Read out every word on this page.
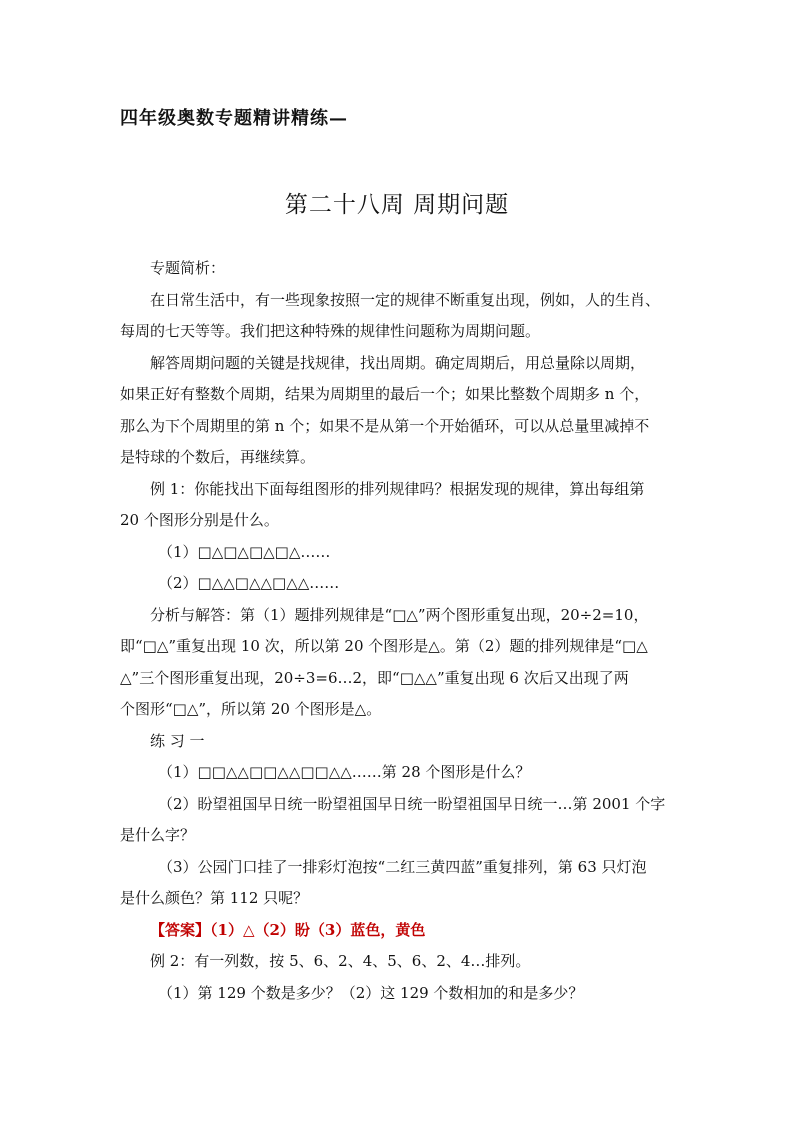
四年级奥数专题精讲精练—
第二十八周 周期问题

专题简析：

在日常生活中，有一些现象按照一定的规律不断重复出现，例如，人的生肖、

每周的七天等等。我们把这种特殊的规律性问题称为周期问题。

解答周期问题的关键是找规律，找出周期。确定周期后，用总量除以周期，

如果正好有整数个周期，结果为周期里的最后一个；如果比整数个周期多 n 个，

那么为下个周期里的第 n 个；如果不是从第一个开始循环，可以从总量里减掉不

是特球的个数后，再继续算。

例 1：你能找出下面每组图形的排列规律吗？根据发现的规律，算出每组第

20 个图形分别是什么。

（1）□△□△□△□△……

（2）□△△□△△□△△……

分析与解答：第（1）题排列规律是“□△”两个图形重复出现，20÷2=10，

即“□△”重复出现 10 次，所以第 20 个图形是△。第（2）题的排列规律是“□△

△”三个图形重复出现，20÷3=6…2，即“□△△”重复出现 6 次后又出现了两

个图形“□△”，所以第 20 个图形是△。

练 习 一

（1）□□△△□□△△□□△△……第 28 个图形是什么？

（2）盼望祖国早日统一盼望祖国早日统一盼望祖国早日统一…第 2001 个字

是什么字？

（3）公园门口挂了一排彩灯泡按“二红三黄四蓝”重复排列，第 63 只灯泡

是什么颜色？第 112 只呢？

【答案】（1）△（2）盼（3）蓝色，黄色

例 2：有一列数，按 5、6、2、4、5、6、2、4…排列。

（1）第 129 个数是多少？（2）这 129 个数相加的和是多少？
